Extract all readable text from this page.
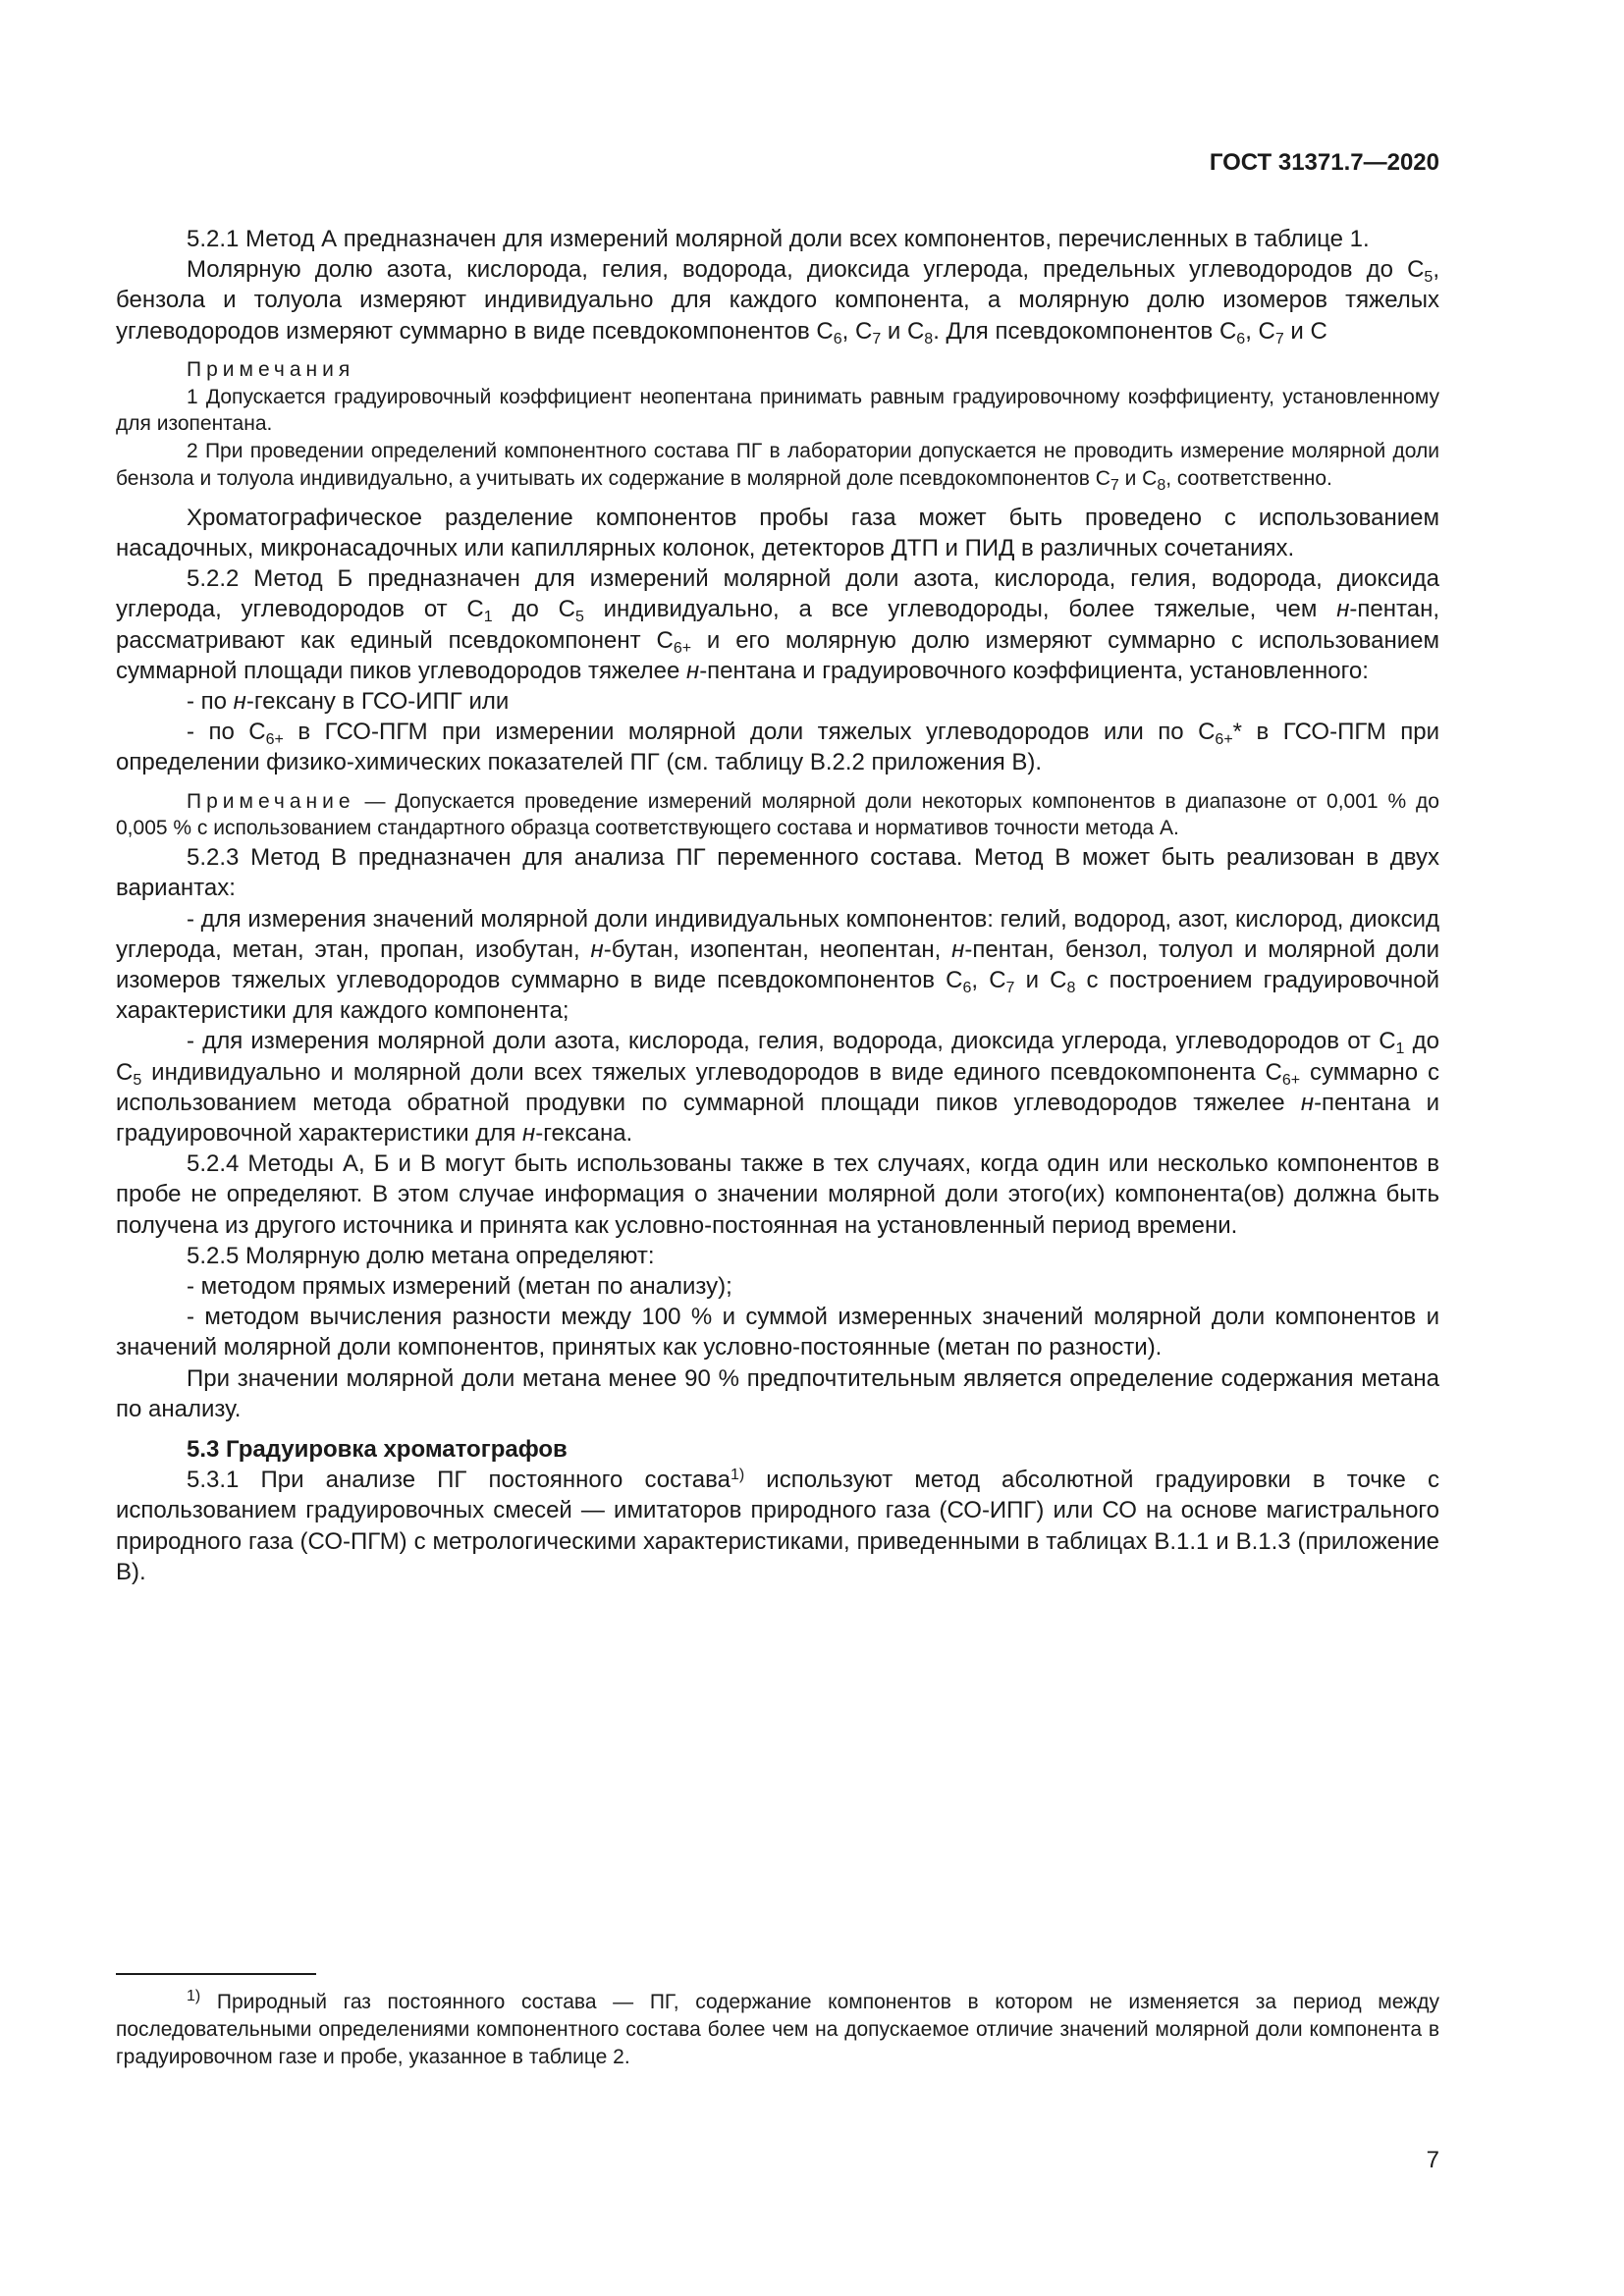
ГОСТ 31371.7—2020

5.2.1 Метод А предназначен для измерений молярной доли всех компонентов, перечисленных в таблице 1.

Молярную долю азота, кислорода, гелия, водорода, диоксида углерода, предельных углеводородов до $С_5$, бензола и толуола измеряют индивидуально для каждого компонента, а молярную долю изомеров тяжелых углеводородов измеряют суммарно в виде псевдокомпонентов $С_6$, $С_7$ и $С_8$. Для псевдокомпонентов $С_6$, $С_7$ и С

Примечания

1 Допускается градуировочный коэффициент неопентана принимать равным градуировочному коэффициенту, установленному для изопентана.

2 При проведении определений компонентного состава ПГ в лаборатории допускается не проводить измерение молярной доли бензола и толуола индивидуально, а учитывать их содержание в молярной доле псевдокомпонентов $С_7$ и $С_8$, соответственно.

Хроматографическое разделение компонентов пробы газа может быть проведено с использованием насадочных, микронасадочных или капиллярных колонок, детекторов ДТП и ПИД в различных сочетаниях.

5.2.2 Метод Б предназначен для измерений молярной доли азота, кислорода, гелия, водорода, диоксида углерода, углеводородов от $С_1$ до $С_5$ индивидуально, а все углеводороды, более тяжелые, чем н-пентан, рассматривают как единый псевдокомпонент $С_{6+}$ и его молярную долю измеряют суммарно с использованием суммарной площади пиков углеводородов тяжелее н-пентана и градуировочного коэффициента, установленного:

- по н-гексану в ГСО-ИПГ или

- по $С_{6+}$ в ГСО-ПГМ при измерении молярной доли тяжелых углеводородов или по $С_{6+}*$ в ГСО-ПГМ при определении физико-химических показателей ПГ (см. таблицу В.2.2 приложения В).

Примечание — Допускается проведение измерений молярной доли некоторых компонентов в диапазоне от 0,001 % до 0,005 % с использованием стандартного образца соответствующего состава и нормативов точности метода А.

5.2.3 Метод В предназначен для анализа ПГ переменного состава. Метод В может быть реализован в двух вариантах:

- для измерения значений молярной доли индивидуальных компонентов: гелий, водород, азот, кислород, диоксид углерода, метан, этан, пропан, изобутан, н-бутан, изопентан, неопентан, н-пентан, бензол, толуол и молярной доли изомеров тяжелых углеводородов суммарно в виде псевдокомпонентов $С_6$, $С_7$ и $С_8$ с построением градуировочной характеристики для каждого компонента;

- для измерения молярной доли азота, кислорода, гелия, водорода, диоксида углерода, углеводородов от $С_1$ до $С_5$ индивидуально и молярной доли всех тяжелых углеводородов в виде единого псевдокомпонента $С_{6+}$ суммарно с использованием метода обратной продувки по суммарной площади пиков углеводородов тяжелее н-пентана и градуировочной характеристики для н-гексана.

5.2.4 Методы А, Б и В могут быть использованы также в тех случаях, когда один или несколько компонентов в пробе не определяют. В этом случае информация о значении молярной доли этого(их) компонента(ов) должна быть получена из другого источника и принята как условно-постоянная на установленный период времени.

5.2.5 Молярную долю метана определяют:

- методом прямых измерений (метан по анализу);

- методом вычисления разности между 100 % и суммой измеренных значений молярной доли компонентов и значений молярной доли компонентов, принятых как условно-постоянные (метан по разности).

При значении молярной доли метана менее 90 % предпочтительным является определение содержания метана по анализу.

5.3 Градуировка хроматографов

5.3.1 При анализе ПГ постоянного состава$^{1)}$ используют метод абсолютной градуировки в точке с использованием градуировочных смесей — имитаторов природного газа (СО-ИПГ) или СО на основе магистрального природного газа (СО-ПГМ) с метрологическими характеристиками, приведенными в таблицах В.1.1 и В.1.3 (приложение В).

$^{1)}$ Природный газ постоянного состава — ПГ, содержание компонентов в котором не изменяется за период между последовательными определениями компонентного состава более чем на допускаемое отличие значений молярной доли компонента в градуировочном газе и пробе, указанное в таблице 2.

7
